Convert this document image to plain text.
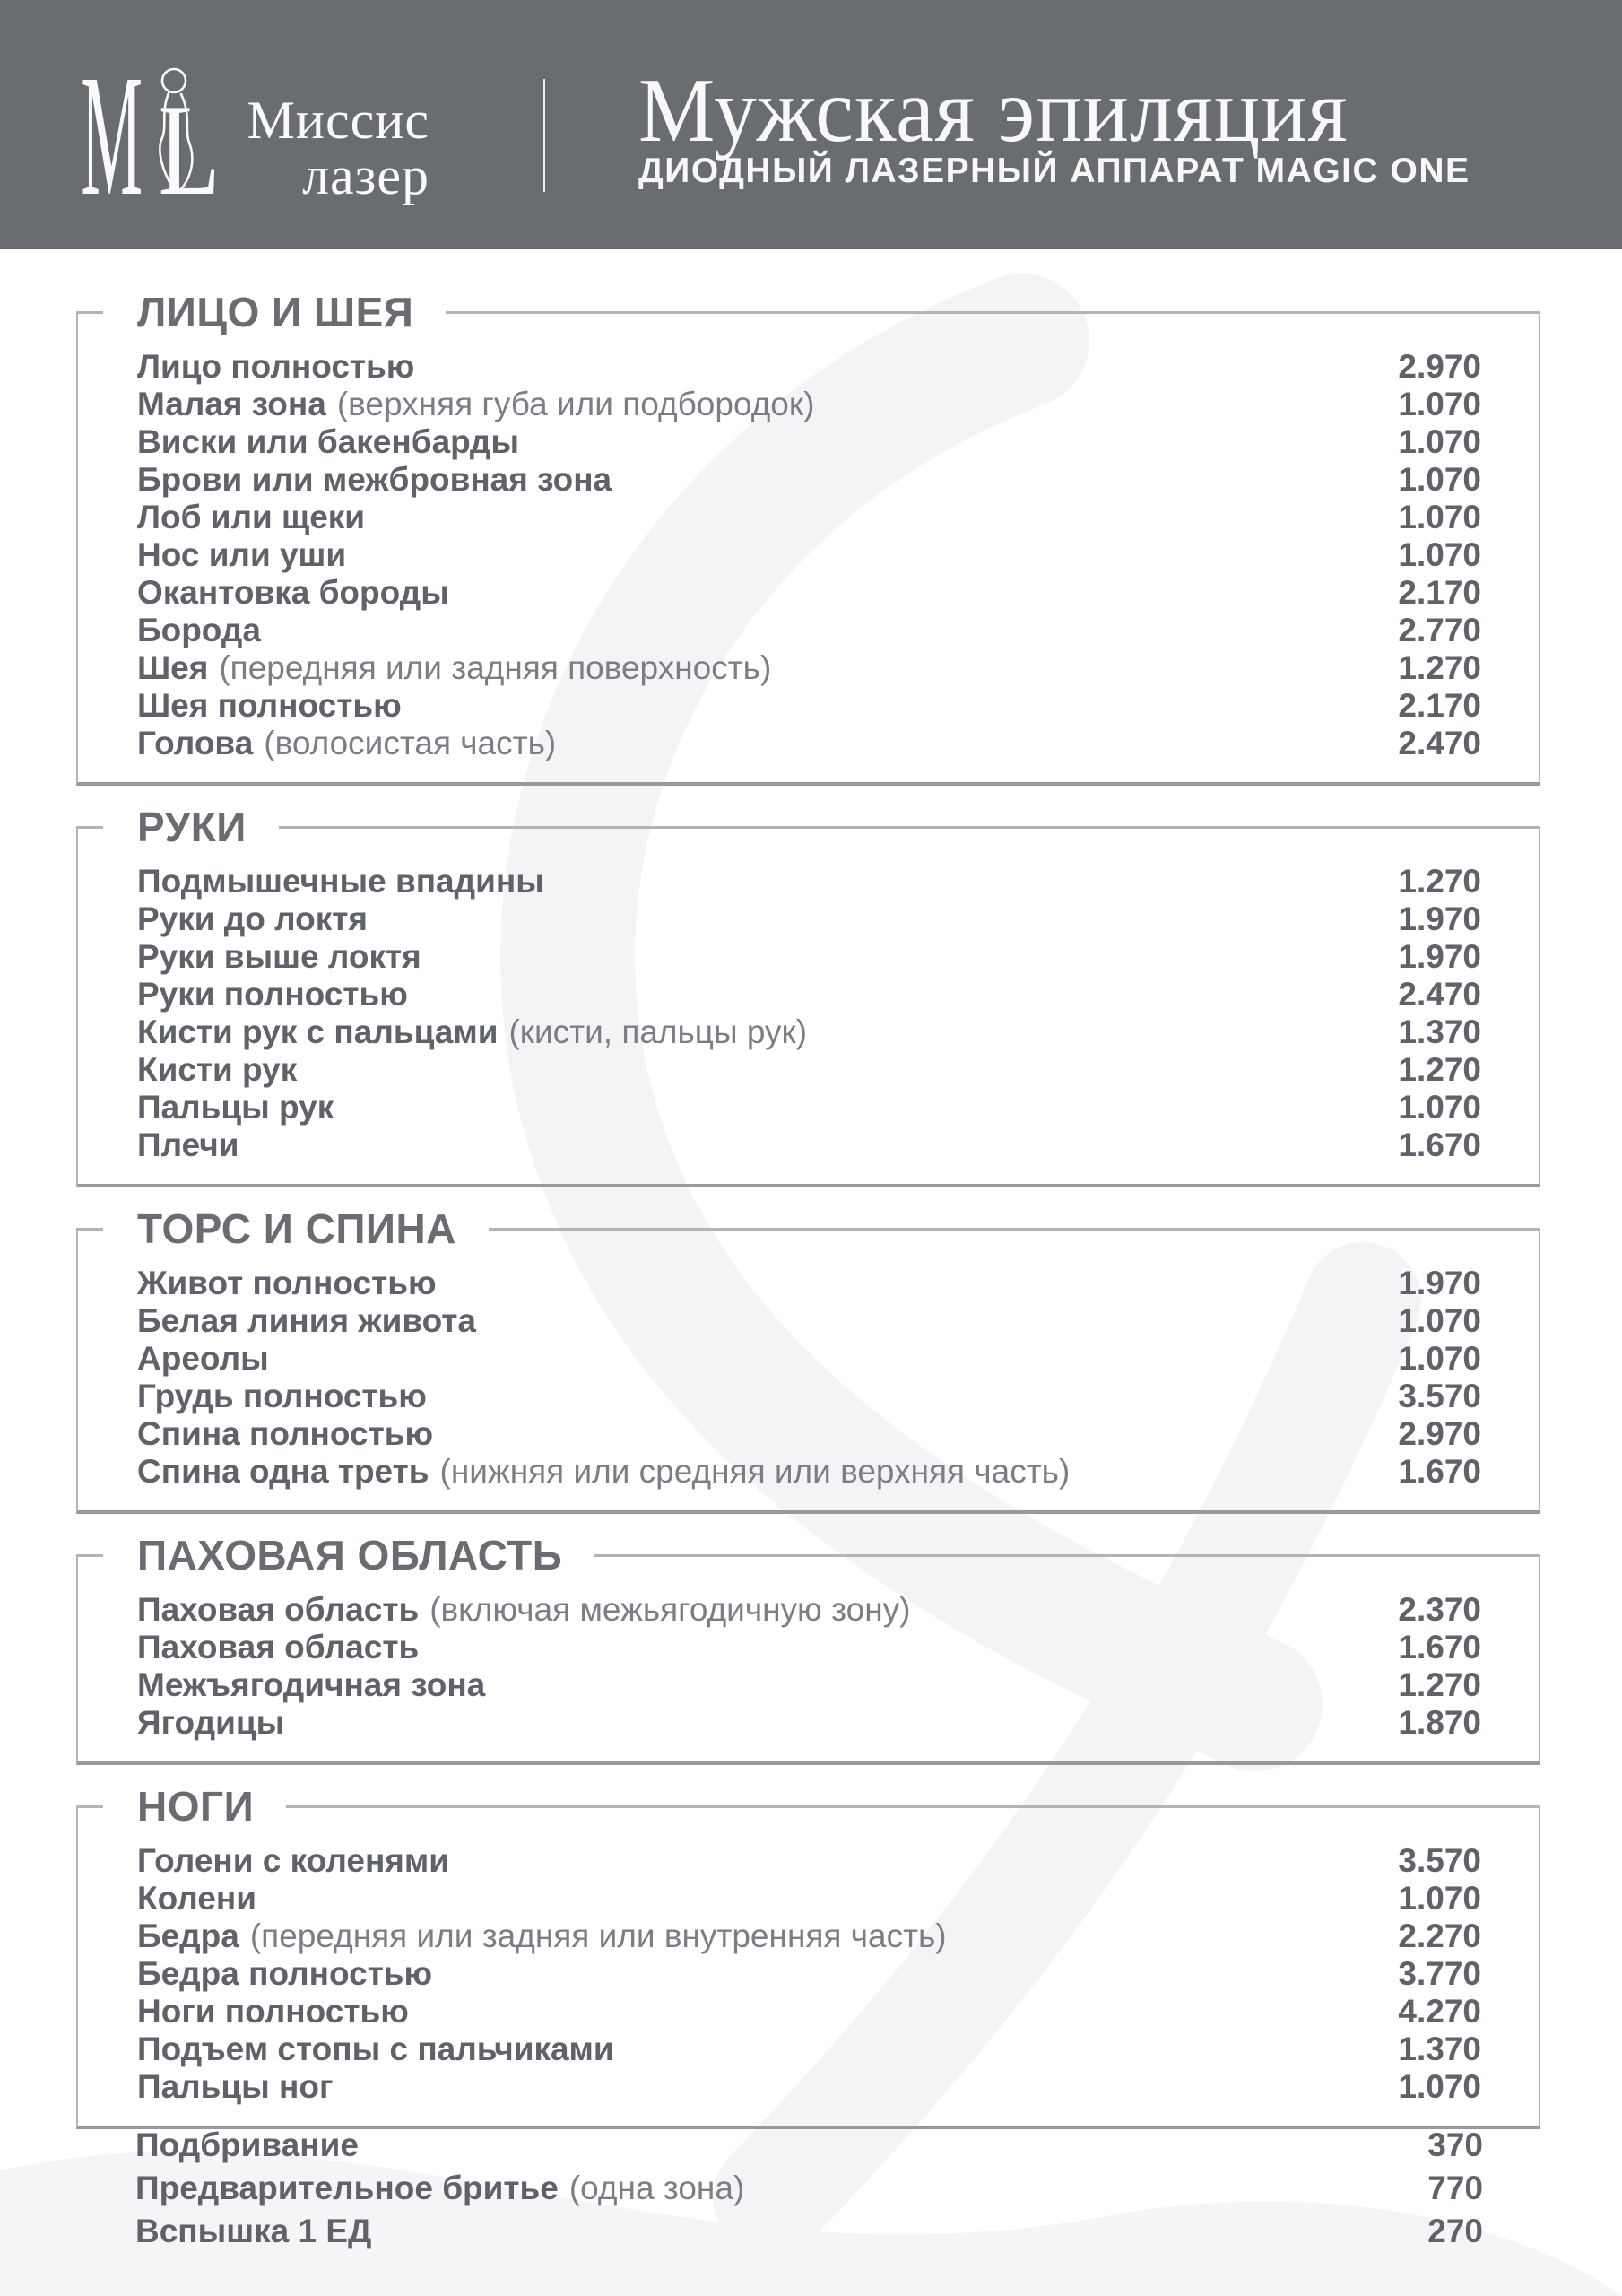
M L Миссис
лазер
Мужская эпиляция
ДИОДНЫЙ ЛАЗЕРНЫЙ АППАРАТ MAGIC ONE
ЛИЦО И ШЕЯ
Лицо полностью	2.970
Малая зона (верхняя губа или подбородок)	1.070
Виски или бакенбарды	1.070
Брови или межбровная зона	1.070
Лоб или щеки	1.070
Нос или уши	1.070
Окантовка бороды	2.170
Борода	2.770
Шея (передняя или задняя поверхность)	1.270
Шея полностью	2.170
Голова (волосистая часть)	2.470
РУКИ
Подмышечные впадины	1.270
Руки до локтя	1.970
Руки выше локтя	1.970
Руки полностью	2.470
Кисти рук с пальцами (кисти, пальцы рук)	1.370
Кисти рук	1.270
Пальцы рук	1.070
Плечи	1.670
ТОРС И СПИНА
Живот полностью	1.970
Белая линия живота	1.070
Ареолы	1.070
Грудь полностью	3.570
Спина полностью	2.970
Спина одна треть (нижняя или средняя или верхняя часть)	1.670
ПАХОВАЯ ОБЛАСТЬ
Паховая область (включая межьягодичную зону)	2.370
Паховая область	1.670
Межъягодичная зона	1.270
Ягодицы	1.870
НОГИ
Голени с коленями	3.570
Колени	1.070
Бедра (передняя или задняя или внутренняя часть)	2.270
Бедра полностью	3.770
Ноги полностью	4.270
Подъем стопы с пальчиками	1.370
Пальцы ног	1.070
Подбривание	370
Предварительное бритье (одна зона)	770
Вспышка 1 ЕД	270
